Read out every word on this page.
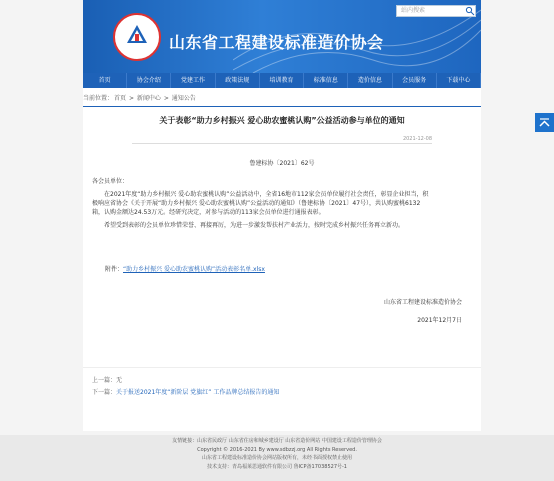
山东省工程建设标准造价协会
站内搜索
首页	协会介绍	党建工作	政策法规	培训教育	标准信息	造价信息	会员服务	下载中心
当前位置：首页 > 新闻中心 > 通知公告
关于表彰“助力乡村振兴 爱心助农蜜桃认购”公益活动参与单位的通知
2021-12-08
鲁建标协〔2021〕62号

各会员单位：

在2021年度“助力乡村振兴 爱心助农蜜桃认购”公益活动中，全省16地市112家会员单位履行社会责任，彰显企业担当，积极响应省协会《关于开展“助力乡村振兴 爱心助农蜜桃认购”公益活动的通知》（鲁建标协〔2021〕47号），共认购蜜桃6132箱，认购金额达24.53万元。经研究决定，对参与活动的113家会员单位进行通报表彰。

希望受到表彰的会员单位珍惜荣誉、再接再厉，为进一步激发帮扶村产业活力，按时完成乡村振兴任务再立新功。

附件：“助力乡村振兴 爱心助农蜜桃认购”活动表彰名单.xlsx
山东省工程建设标准造价协会
2021年12月7日
上一篇：无
下一篇：关于报送2021年度“新阶层 党旗红” 工作品牌总结报告的通知
友情链接：山东省民政厅 山东省住房和城乡建设厅 山东省造价网站 中国建设工程造价管理协会
Copyright © 2016-2021 By www.sdbzzj.org All Rights Reserved.
山东省工程建设标准造价协会网站版权所有，未经书面授权禁止使用
技术支持：青岛福莱思通软件有限公司 鲁ICP备17038527号-1
